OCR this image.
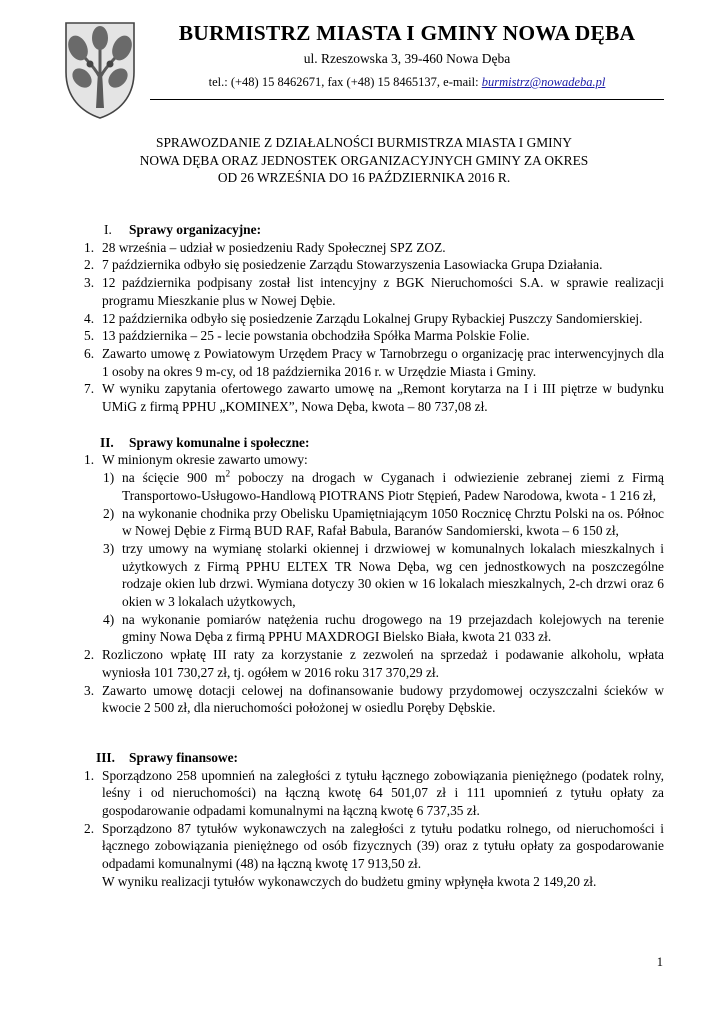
BURMISTRZ MIASTA I GMINY NOWA DĘBA
ul. Rzeszowska 3, 39-460 Nowa Dęba
tel.: (+48) 15 8462671, fax (+48) 15 8465137, e-mail: burmistrz@nowadeba.pl
SPRAWOZDANIE Z DZIAŁALNOŚCI BURMISTRZA MIASTA I GMINY
NOWA DĘBA ORAZ JEDNOSTEK ORGANIZACYJNYCH GMINY ZA OKRES
OD 26 WRZEŚNIA DO 16 PAŹDZIERNIKA 2016 R.
I. Sprawy organizacyjne:
1. 28 września – udział w posiedzeniu Rady Społecznej SPZ ZOZ.
2. 7 października odbyło się posiedzenie Zarządu Stowarzyszenia Lasowiacka Grupa Działania.
3. 12 października podpisany został list intencyjny z BGK Nieruchomości S.A. w sprawie realizacji programu Mieszkanie plus w Nowej Dębie.
4. 12 października odbyło się posiedzenie Zarządu Lokalnej Grupy Rybackiej Puszczy Sandomierskiej.
5. 13 października – 25 - lecie powstania obchodziła Spółka Marma Polskie Folie.
6. Zawarto umowę z Powiatowym Urzędem Pracy w Tarnobrzegu o organizację prac interwencyjnych dla 1 osoby na okres 9 m-cy, od 18 października 2016 r. w Urzędzie Miasta i Gminy.
7. W wyniku zapytania ofertowego zawarto umowę na „Remont korytarza na I i III piętrze w budynku UMiG z firmą PPHU „KOMINEX”, Nowa Dęba, kwota – 80 737,08 zł.
II. Sprawy komunalne i społeczne:
1. W minionym okresie zawarto umowy:
1) na ścięcie 900 $m^2$ poboczy na drogach w Cyganach i odwiezienie zebranej ziemi z Firmą Transportowo-Usługowo-Handlową PIOTRANS Piotr Stępień, Padew Narodowa, kwota - 1 216 zł,
2) na wykonanie chodnika przy Obelisku Upamiętniającym 1050 Rocznicę Chrztu Polski na os. Północ w Nowej Dębie z Firmą BUD RAF, Rafał Babula, Baranów Sandomierski, kwota – 6 150 zł,
3) trzy umowy na wymianę stolarki okiennej i drzwiowej w komunalnych lokalach mieszkalnych i użytkowych z Firmą PPHU ELTEX TR Nowa Dęba, wg cen jednostkowych na poszczególne rodzaje okien lub drzwi. Wymiana dotyczy 30 okien w 16 lokalach mieszkalnych, 2-ch drzwi oraz 6 okien w 3 lokalach użytkowych,
4) na wykonanie pomiarów natężenia ruchu drogowego na 19 przejazdach kolejowych na terenie gminy Nowa Dęba z firmą PPHU MAXDROGI Bielsko Biała, kwota 21 033 zł.
2. Rozliczono wpłatę III raty za korzystanie z zezwoleń na sprzedaż i podawanie alkoholu, wpłata wyniosła 101 730,27 zł, tj. ogółem w 2016 roku 317 370,29 zł.
3. Zawarto umowę dotacji celowej na dofinansowanie budowy przydomowej oczyszczalni ścieków w kwocie 2 500 zł, dla nieruchomości położonej w osiedlu Poręby Dębskie.
III. Sprawy finansowe:
1. Sporządzono 258 upomnień na zaległości z tytułu łącznego zobowiązania pieniężnego (podatek rolny, leśny i od nieruchomości) na łączną kwotę 64 501,07 zł i 111 upomnień z tytułu opłaty za gospodarowanie odpadami komunalnymi na łączną kwotę 6 737,35 zł.
2. Sporządzono 87 tytułów wykonawczych na zaległości z tytułu podatku rolnego, od nieruchomości i łącznego zobowiązania pieniężnego od osób fizycznych (39) oraz z tytułu opłaty za gospodarowanie odpadami komunalnymi (48) na łączną kwotę 17 913,50 zł.
W wyniku realizacji tytułów wykonawczych do budżetu gminy wpłynęła kwota 2 149,20 zł.
1
